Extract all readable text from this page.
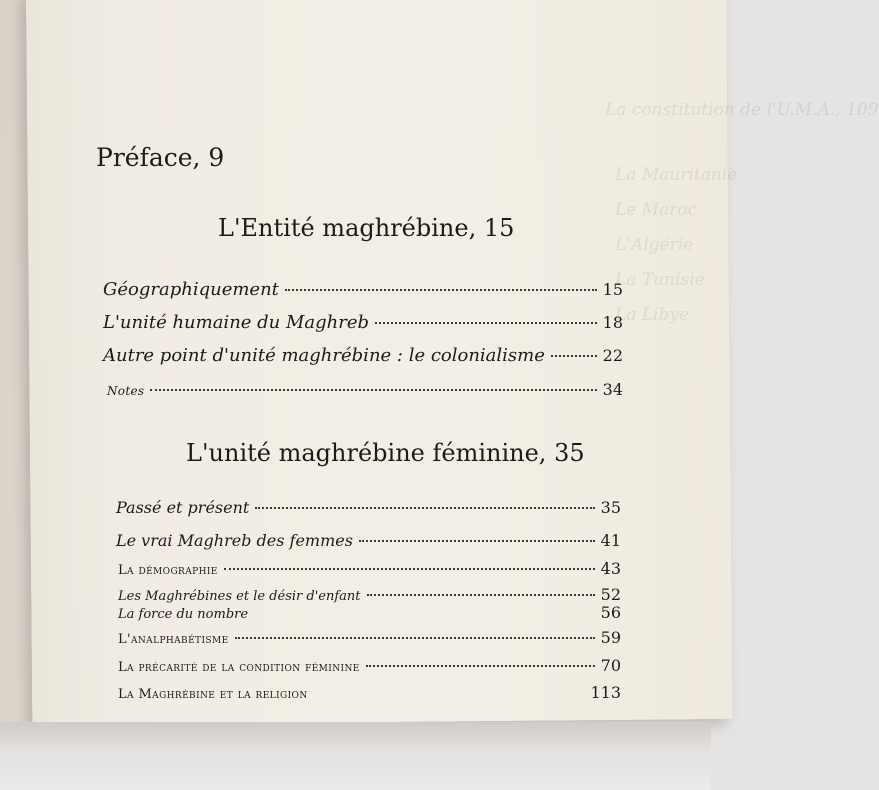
La constitution de l'U.M.A., 109
Préface, 9
L'Entité maghrébine, 15
Géographiquement	15
L'unité humaine du Maghreb	18
Autre point d'unité maghrébine : le colonialisme	22
Notes	34
L'unité maghrébine féminine, 35
Passé et présent	35
Le vrai Maghreb des femmes	41
La démographie	43
Les Maghrébines et le désir d'enfant	52
La force du nombre	56
L'analphabétisme	59
La précarité de la condition féminine	70
La Maghrébine et la religion	113
